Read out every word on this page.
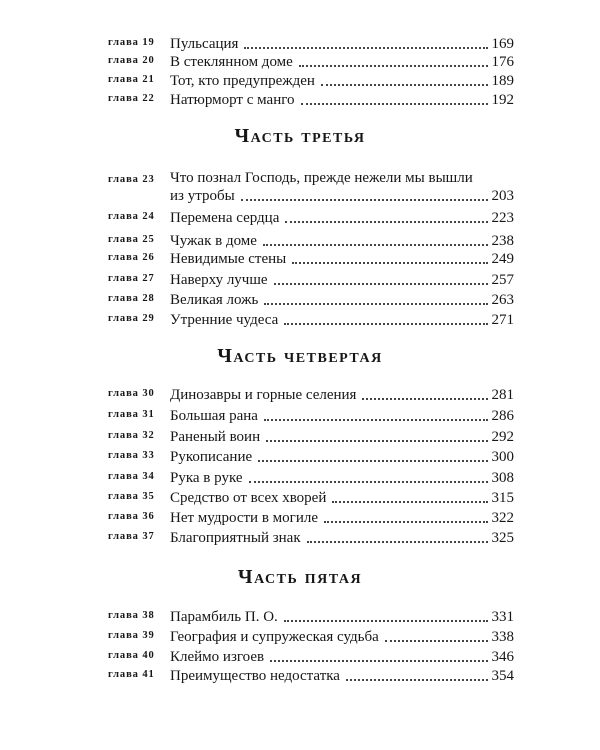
глава 19	Пульсация	169
глава 20	В стеклянном доме	176
глава 21	Тот, кто предупрежден	189
глава 22	Натюрморт с манго	192
Часть третья
глава 23	Что познал Господь, прежде нежели мы вышли
из утробы	203
глава 24	Перемена сердца	223
глава 25	Чужак в доме	238
глава 26	Невидимые стены	249
глава 27	Наверху лучше	257
глава 28	Великая ложь	263
глава 29	Утренние чудеса	271
Часть четвертая
глава 30	Динозавры и горные селения	281
глава 31	Большая рана	286
глава 32	Раненый воин	292
глава 33	Рукописание	300
глава 34	Рука в руке	308
глава 35	Средство от всех хворей	315
глава 36	Нет мудрости в могиле	322
глава 37	Благоприятный знак	325
Часть пятая
глава 38	Парамбиль П. О.	331
глава 39	География и супружеская судьба	338
глава 40	Клеймо изгоев	346
глава 41	Преимущество недостатка	354
